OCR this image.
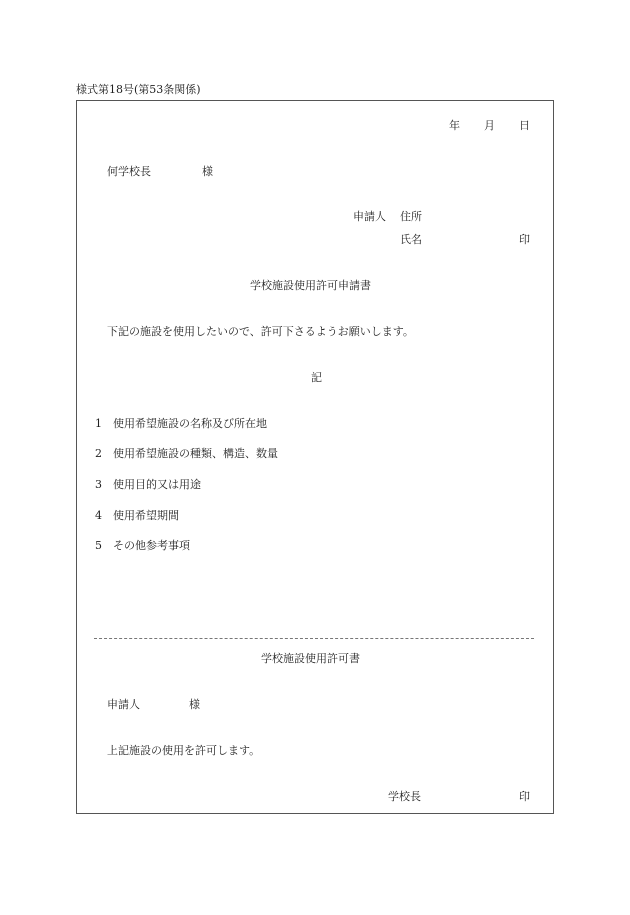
様式第18号(第53条関係)
年 月 日
何学校長	様
申請人 住所
氏名	印
学校施設使用許可申請書
下記の施設を使用したいので、許可下さるようお願いします。
記
1 使用希望施設の名称及び所在地
2 使用希望施設の種類、構造、数量
3 使用目的又は用途
4 使用希望期間
5 その他参考事項
学校施設使用許可書
申請人	様
上記施設の使用を許可します。
学校長	印
